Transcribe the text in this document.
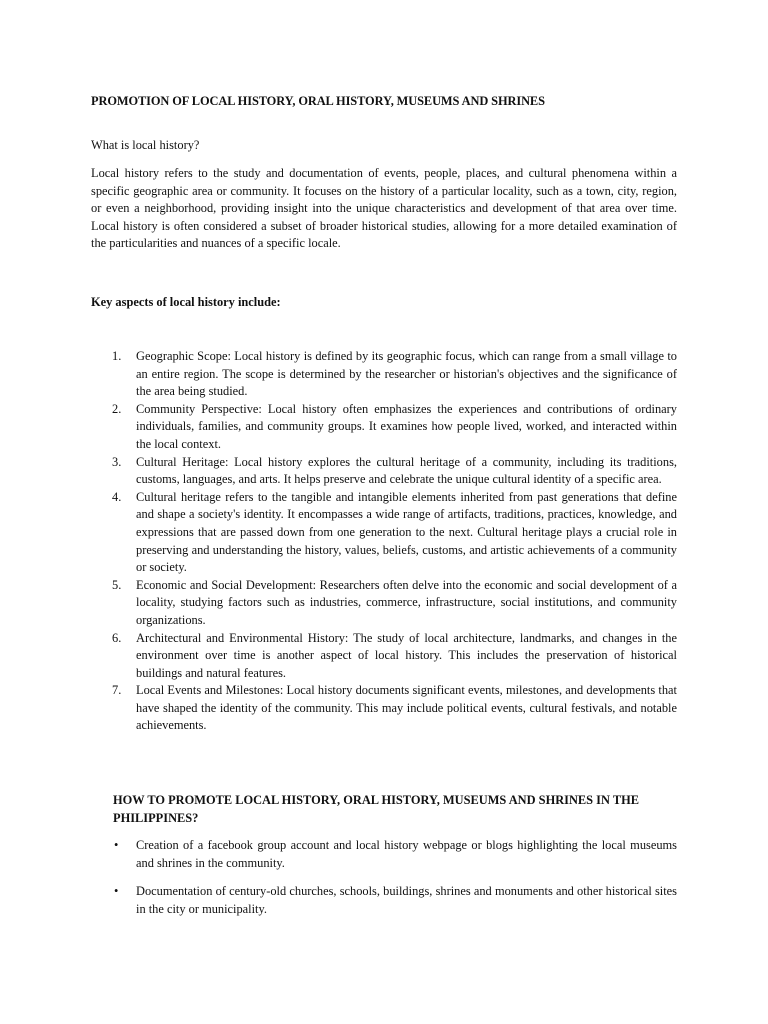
PROMOTION OF LOCAL HISTORY, ORAL HISTORY, MUSEUMS AND SHRINES
What is local history?
Local history refers to the study and documentation of events, people, places, and cultural phenomena within a specific geographic area or community. It focuses on the history of a particular locality, such as a town, city, region, or even a neighborhood, providing insight into the unique characteristics and development of that area over time. Local history is often considered a subset of broader historical studies, allowing for a more detailed examination of the particularities and nuances of a specific locale.
Key aspects of local history include:
1. Geographic Scope: Local history is defined by its geographic focus, which can range from a small village to an entire region. The scope is determined by the researcher or historian's objectives and the significance of the area being studied.
2. Community Perspective: Local history often emphasizes the experiences and contributions of ordinary individuals, families, and community groups. It examines how people lived, worked, and interacted within the local context.
3. Cultural Heritage: Local history explores the cultural heritage of a community, including its traditions, customs, languages, and arts. It helps preserve and celebrate the unique cultural identity of a specific area.
4. Cultural heritage refers to the tangible and intangible elements inherited from past generations that define and shape a society's identity. It encompasses a wide range of artifacts, traditions, practices, knowledge, and expressions that are passed down from one generation to the next. Cultural heritage plays a crucial role in preserving and understanding the history, values, beliefs, customs, and artistic achievements of a community or society.
5. Economic and Social Development: Researchers often delve into the economic and social development of a locality, studying factors such as industries, commerce, infrastructure, social institutions, and community organizations.
6. Architectural and Environmental History: The study of local architecture, landmarks, and changes in the environment over time is another aspect of local history. This includes the preservation of historical buildings and natural features.
7. Local Events and Milestones: Local history documents significant events, milestones, and developments that have shaped the identity of the community. This may include political events, cultural festivals, and notable achievements.
HOW TO PROMOTE LOCAL HISTORY, ORAL HISTORY, MUSEUMS AND SHRINES IN THE PHILIPPINES?
• Creation of a facebook group account and local history webpage or blogs highlighting the local museums and shrines in the community.
• Documentation of century-old churches, schools, buildings, shrines and monuments and other historical sites in the city or municipality.
